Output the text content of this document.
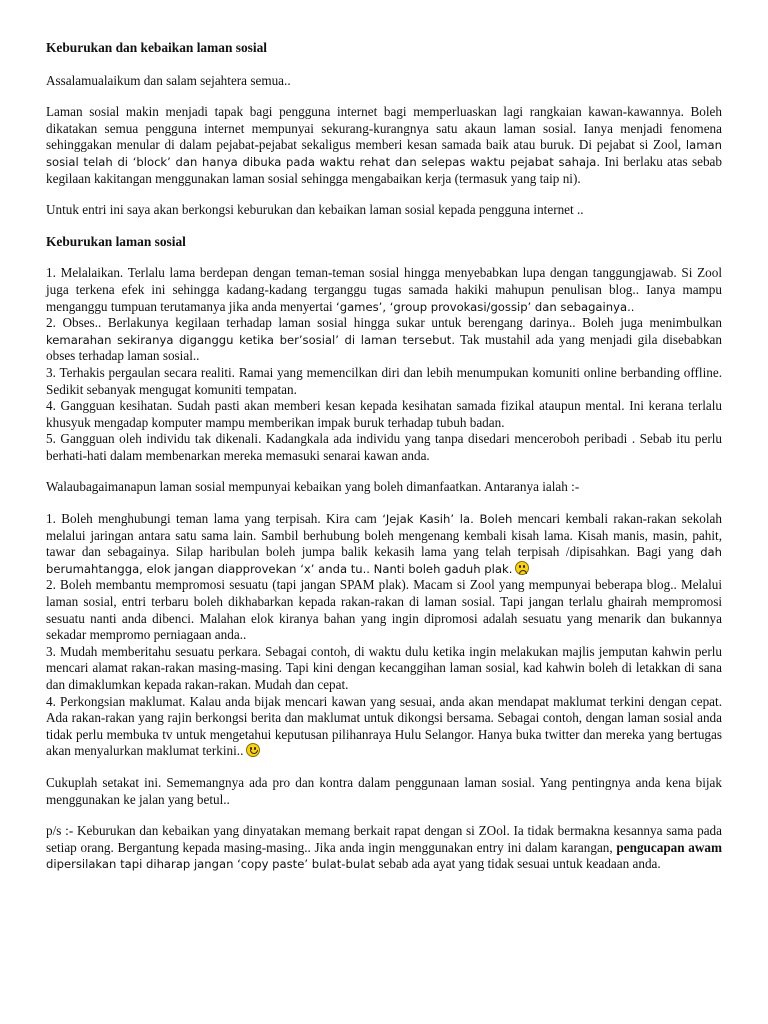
Keburukan dan kebaikan laman sosial

Assalamualaikum dan salam sejahtera semua..

Laman sosial makin menjadi tapak bagi pengguna internet bagi memperluaskan lagi rangkaian kawan-kawannya. Boleh dikatakan semua pengguna internet mempunyai sekurang-kurangnya satu akaun laman sosial. Ianya menjadi fenomena sehinggakan menular di dalam pejabat-pejabat sekaligus memberi kesan samada baik atau buruk. Di pejabat si Zool, laman sosial telah di ‘block’ dan hanya dibuka pada waktu rehat dan selepas waktu pejabat sahaja. Ini berlaku atas sebab kegilaan kakitangan menggunakan laman sosial sehingga mengabaikan kerja (termasuk yang taip ni).

Untuk entri ini saya akan berkongsi keburukan dan kebaikan laman sosial kepada pengguna internet ..

Keburukan laman sosial
1. Melalaikan. Terlalu lama berdepan dengan teman-teman sosial hingga menyebabkan lupa dengan tanggungjawab. Si Zool juga terkena efek ini sehingga kadang-kadang terganggu tugas samada hakiki mahupun penulisan blog.. Ianya mampu menganggu tumpuan terutamanya jika anda menyertai ‘games’, ‘group provokasi/gossip’ dan sebagainya..
2. Obses.. Berlakunya kegilaan terhadap laman sosial hingga sukar untuk berengang darinya.. Boleh juga menimbulkan kemarahan sekiranya diganggu ketika ber’sosial’ di laman tersebut. Tak mustahil ada yang menjadi gila disebabkan obses terhadap laman sosial..
3. Terhakis pergaulan secara realiti. Ramai yang memencilkan diri dan lebih menumpukan komuniti online berbanding offline. Sedikit sebanyak mengugat komuniti tempatan.
4. Gangguan kesihatan. Sudah pasti akan memberi kesan kepada kesihatan samada fizikal ataupun mental. Ini kerana terlalu khusyuk mengadap komputer mampu memberikan impak buruk terhadap tubuh badan.
5. Gangguan oleh individu tak dikenali. Kadangkala ada individu yang tanpa disedari menceroboh peribadi . Sebab itu perlu berhati-hati dalam membenarkan mereka memasuki senarai kawan anda.

Walaubagaimanapun laman sosial mempunyai kebaikan yang boleh dimanfaatkan. Antaranya ialah :-

1. Boleh menghubungi teman lama yang terpisah. Kira cam ‘Jejak Kasih’ la. Boleh mencari kembali rakan-rakan sekolah melalui jaringan antara satu sama lain. Sambil berhubung boleh mengenang kembali kisah lama. Kisah manis, masin, pahit, tawar dan sebagainya. Silap haribulan boleh jumpa balik kekasih lama yang telah terpisah /dipisahkan. Bagi yang dah berumahtangga, elok jangan diapprovekan ‘x’ anda tu.. Nanti boleh gaduh plak.
2. Boleh membantu mempromosi sesuatu (tapi jangan SPAM plak). Macam si Zool yang mempunyai beberapa blog.. Melalui laman sosial, entri terbaru boleh dikhabarkan kepada rakan-rakan di laman sosial. Tapi jangan terlalu ghairah mempromosi sesuatu nanti anda dibenci. Malahan elok kiranya bahan yang ingin dipromosi adalah sesuatu yang menarik dan bukannya sekadar mempromo perniagaan anda..
3. Mudah memberitahu sesuatu perkara. Sebagai contoh, di waktu dulu ketika ingin melakukan majlis jemputan kahwin perlu mencari alamat rakan-rakan masing-masing. Tapi kini dengan kecanggihan laman sosial, kad kahwin boleh di letakkan di sana dan dimaklumkan kepada rakan-rakan. Mudah dan cepat.
4. Perkongsian maklumat. Kalau anda bijak mencari kawan yang sesuai, anda akan mendapat maklumat terkini dengan cepat. Ada rakan-rakan yang rajin berkongsi berita dan maklumat untuk dikongsi bersama. Sebagai contoh, dengan laman sosial anda tidak perlu membuka tv untuk mengetahui keputusan pilihanraya Hulu Selangor. Hanya buka twitter dan mereka yang bertugas akan menyalurkan maklumat terkini..

Cukuplah setakat ini. Sememangnya ada pro dan kontra dalam penggunaan laman sosial. Yang pentingnya anda kena bijak menggunakan ke jalan yang betul..

p/s :- Keburukan dan kebaikan yang dinyatakan memang berkait rapat dengan si ZOol. Ia tidak bermakna kesannya sama pada setiap orang. Bergantung kepada masing-masing.. Jika anda ingin menggunakan entry ini dalam karangan, pengucapan awam dipersilakan tapi diharap jangan ‘copy paste’ bulat-bulat sebab ada ayat yang tidak sesuai untuk keadaan anda.
